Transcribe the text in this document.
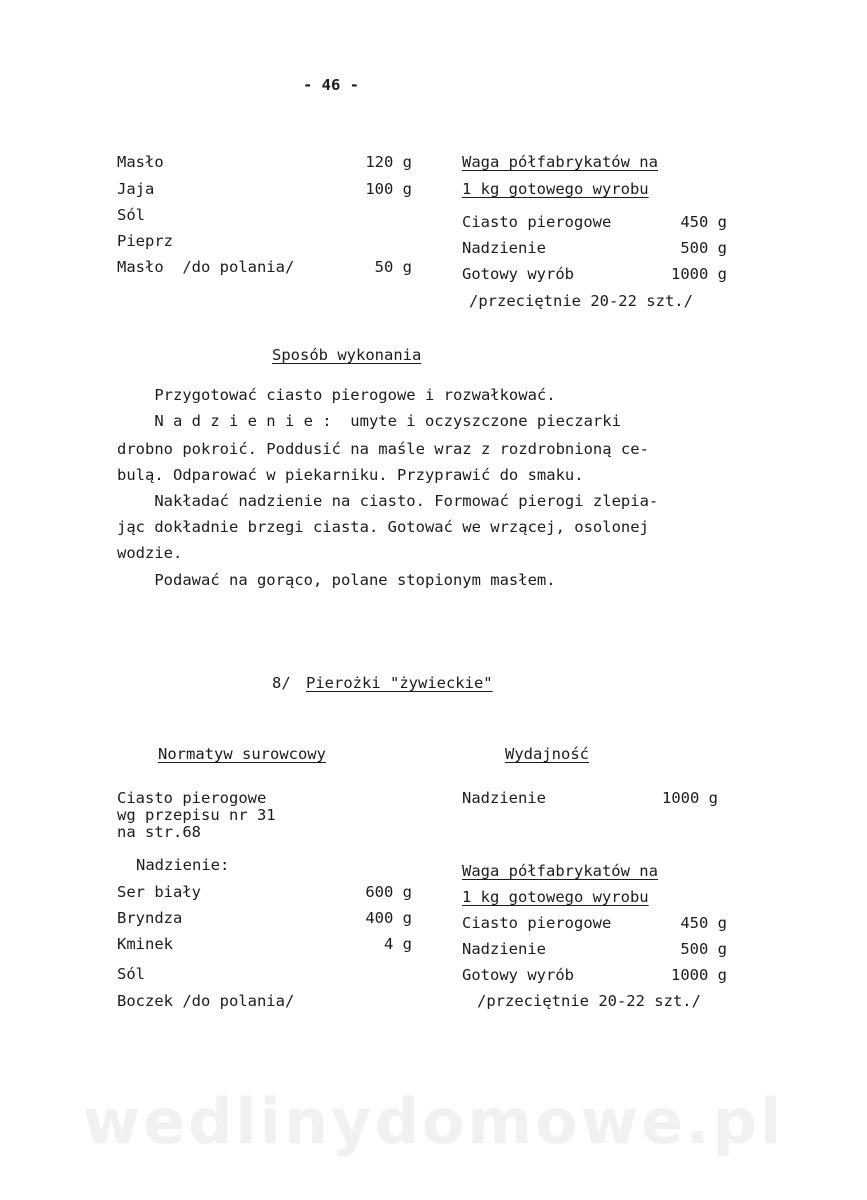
- 46 -
Masło	120 g
Jaja	100 g
Sól
Pieprz
Masło  /do polania/	50 g
Waga półfabrykatów na
1 kg gotowego wyrobu
Ciasto pierogowe	450 g
Nadzienie	500 g
Gotowy wyrób	1000 g
/przeciętnie 20-22 szt./
Sposób wykonania
Przygotować ciasto pierogowe i rozwałkować.
N a d z i e n i e :  umyte i oczyszczone pieczarki
drobno pokroić. Poddusić na maśle wraz z rozdrobnioną ce-
bulą. Odparować w piekarniku. Przyprawić do smaku.
Nakładać nadzienie na ciasto. Formować pierogi zlepia-
jąc dokładnie brzegi ciasta. Gotować we wrzącej, osolonej
wodzie.
Podawać na gorąco, polane stopionym masłem.
8/ Pierożki "żywieckie"
Normatyw surowcowy	Wydajność
Ciasto pierogowe
wg przepisu nr 31
na str.68
Nadzienie	1000 g
Nadzienie:
Ser biały	600 g
Bryndza	400 g
Kminek	4 g
Sól
Boczek /do polania/
Waga półfabrykatów na
1 kg gotowego wyrobu
Ciasto pierogowe	450 g
Nadzienie	500 g
Gotowy wyrób	1000 g
/przeciętnie 20-22 szt./
wedlinydomowe.pl
